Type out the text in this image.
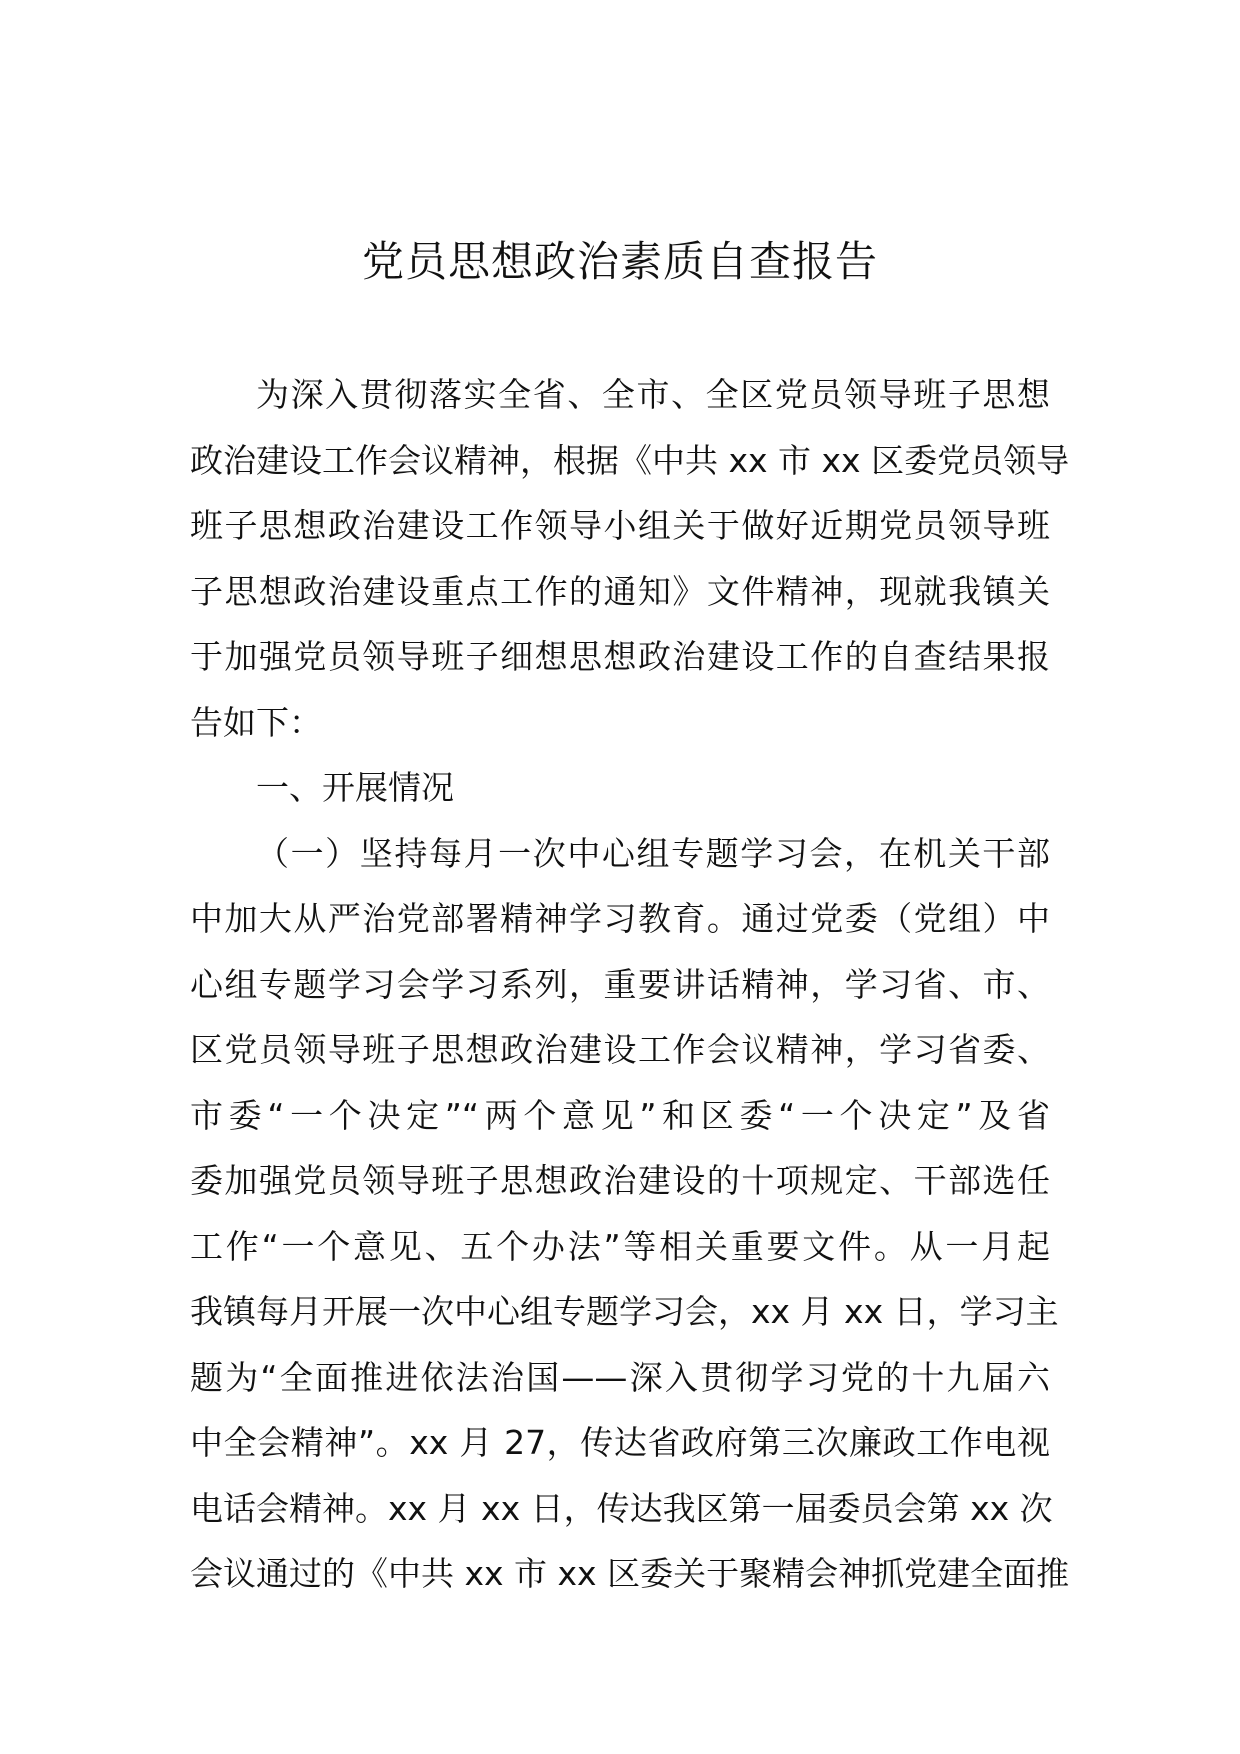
党员思想政治素质自查报告
为深入贯彻落实全省、全市、全区党员领导班子思想
政治建设工作会议精神，根据《中共 xx 市 xx 区委党员领导
班子思想政治建设工作领导小组关于做好近期党员领导班
子思想政治建设重点工作的通知》文件精神，现就我镇关
于加强党员领导班子细想思想政治建设工作的自查结果报
告如下：
一、开展情况
（一）坚持每月一次中心组专题学习会，在机关干部
中加大从严治党部署精神学习教育。通过党委（党组）中
心组专题学习会学习系列，重要讲话精神，学习省、市、
区党员领导班子思想政治建设工作会议精神，学习省委、
市委“一个决定”“两个意见”和区委“一个决定”及省
委加强党员领导班子思想政治建设的十项规定、干部选任
工作“一个意见、五个办法”等相关重要文件。从一月起
我镇每月开展一次中心组专题学习会，xx 月 xx 日，学习主
题为“全面推进依法治国——深入贯彻学习党的十九届六
中全会精神”。xx 月 27，传达省政府第三次廉政工作电视
电话会精神。xx 月 xx 日，传达我区第一届委员会第 xx 次
会议通过的《中共 xx 市 xx 区委关于聚精会神抓党建全面推
